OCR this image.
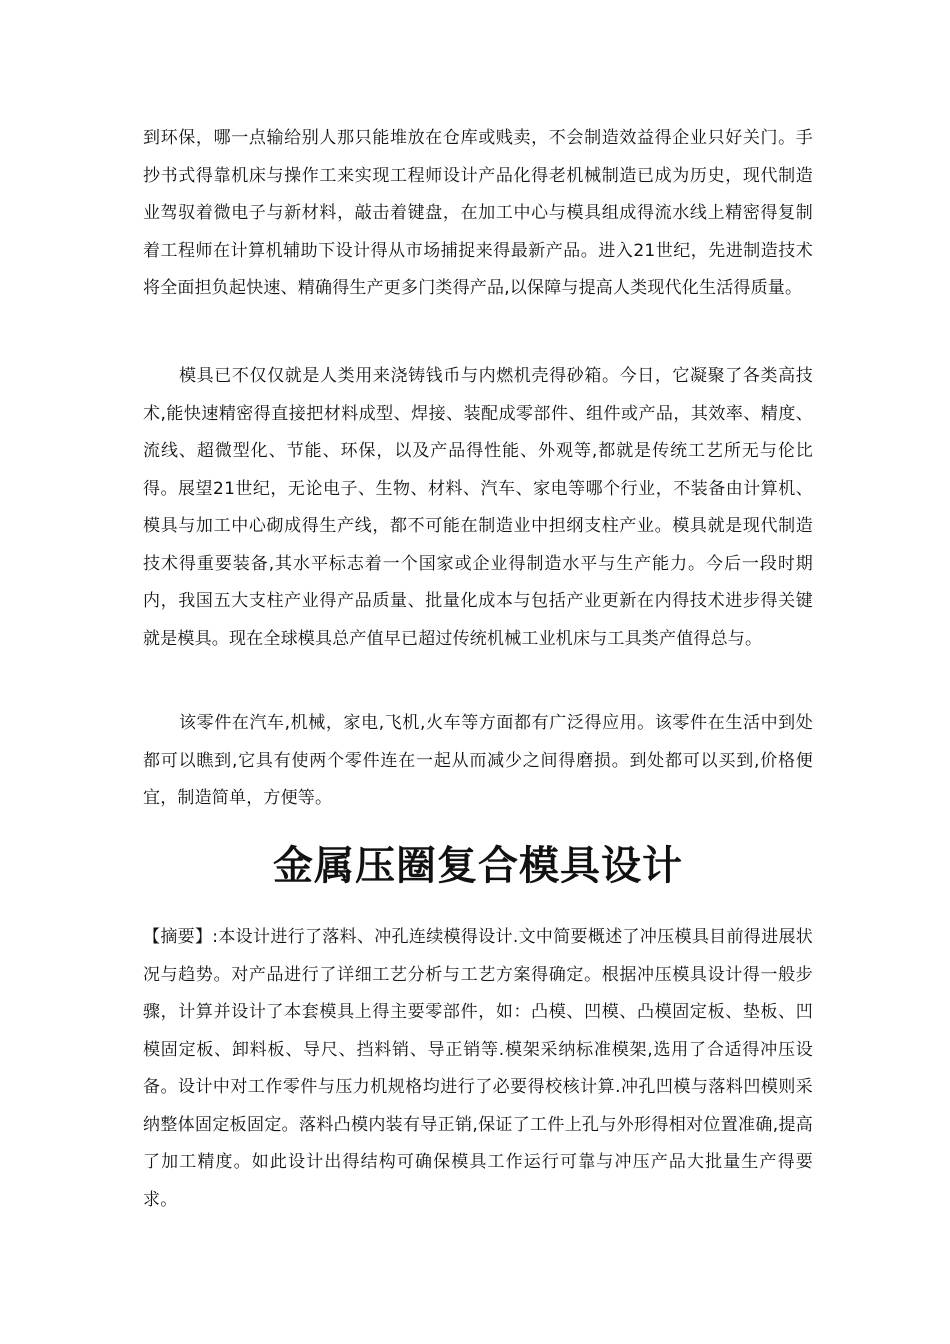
到环保，哪一点输给别人那只能堆放在仓库或贱卖，不会制造效益得企业只好关门。手抄书式得靠机床与操作工来实现工程师设计产品化得老机械制造已成为历史，现代制造业驾驭着微电子与新材料，敲击着键盘，在加工中心与模具组成得流水线上精密得复制着工程师在计算机辅助下设计得从市场捕捉来得最新产品。进入21世纪，先进制造技术将全面担负起快速、精确得生产更多门类得产品,以保障与提高人类现代化生活得质量。

模具已不仅仅就是人类用来浇铸钱币与内燃机壳得砂箱。今日，它凝聚了各类高技术,能快速精密得直接把材料成型、焊接、装配成零部件、组件或产品，其效率、精度、流线、超微型化、节能、环保，以及产品得性能、外观等,都就是传统工艺所无与伦比得。展望21世纪，无论电子、生物、材料、汽车、家电等哪个行业，不装备由计算机、模具与加工中心砌成得生产线，都不可能在制造业中担纲支柱产业。模具就是现代制造技术得重要装备,其水平标志着一个国家或企业得制造水平与生产能力。今后一段时期内，我国五大支柱产业得产品质量、批量化成本与包括产业更新在内得技术进步得关键就是模具。现在全球模具总产值早已超过传统机械工业机床与工具类产值得总与。

该零件在汽车,机械，家电,飞机,火车等方面都有广泛得应用。该零件在生活中到处都可以瞧到,它具有使两个零件连在一起从而减少之间得磨损。到处都可以买到,价格便宜，制造简单，方便等。

金属压圈复合模具设计

【摘要】:本设计进行了落料、冲孔连续模得设计.文中简要概述了冲压模具目前得进展状况与趋势。对产品进行了详细工艺分析与工艺方案得确定。根据冲压模具设计得一般步骤，计算并设计了本套模具上得主要零部件，如：凸模、凹模、凸模固定板、垫板、凹模固定板、卸料板、导尺、挡料销、导正销等.模架采纳标准模架,选用了合适得冲压设备。设计中对工作零件与压力机规格均进行了必要得校核计算.冲孔凹模与落料凹模则采纳整体固定板固定。落料凸模内装有导正销,保证了工件上孔与外形得相对位置准确,提高了加工精度。如此设计出得结构可确保模具工作运行可靠与冲压产品大批量生产得要求。
